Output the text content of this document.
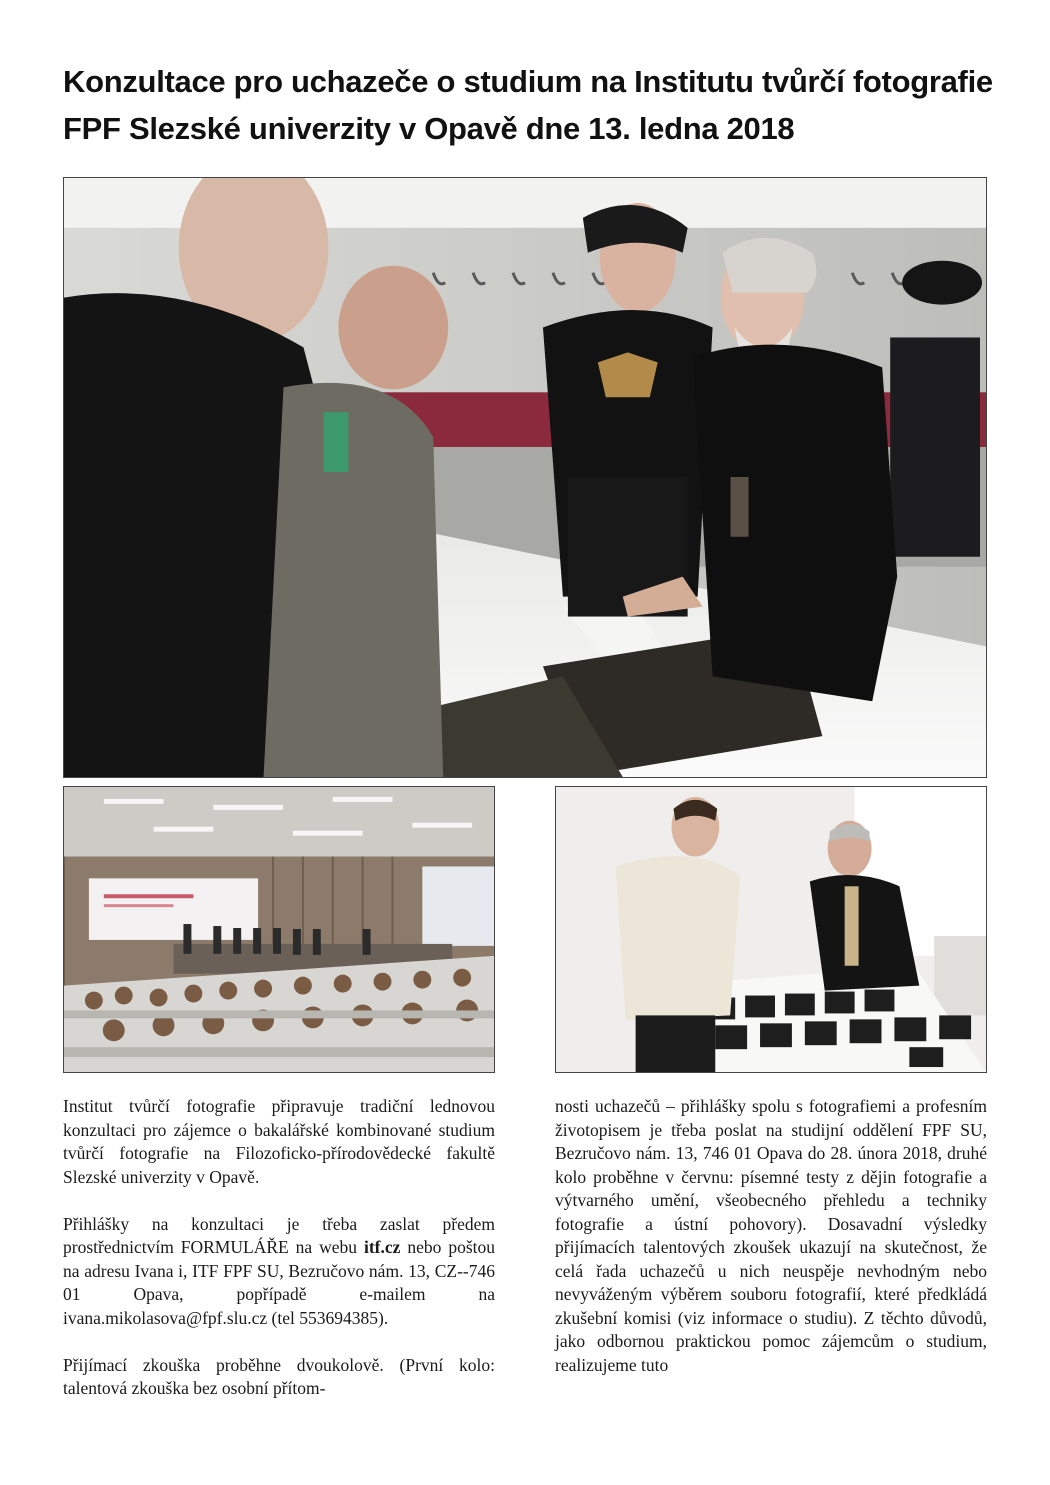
Konzultace pro uchazeče o studium na Institutu tvůrčí fotografie FPF Slezské univerzity v Opavě dne 13. ledna 2018

Institut tvůrčí fotografie připravuje tradiční lednovou konzultaci pro zájemce o bakalářské kombinované studium tvůrčí fotografie na Filozoficko-přírodovědecké fakultě Slezské univerzity v Opavě.

Přihlášky na konzultaci je třeba zaslat předem prostřednictvím FORMULÁŘE na webu itf.cz nebo poštou na adresu Ivana i, ITF FPF SU, Bezručovo nám. 13, CZ--746 01 Opava, popřípadě e-mailem na ivana.mikolasova@fpf.slu.cz (tel 553694385).

Přijímací zkouška proběhne dvoukolově. (První kolo: talentová zkouška bez osobní přítom-

nosti uchazečů – přihlášky spolu s fotografiemi a profesním životopisem je třeba poslat na studijní oddělení FPF SU, Bezručovo nám. 13, 746 01 Opava do 28. února 2018, druhé kolo proběhne v červnu: písemné testy z dějin fotografie a výtvarného umění, všeobecného přehledu a techniky fotografie a ústní pohovory). Dosavadní výsledky přijímacích talentových zkoušek ukazují na skutečnost, že celá řada uchazečů u nich neuspěje nevhodným nebo nevyváženým výběrem souboru fotografií, které předkládá zkušební komisi (viz informace o studiu). Z těchto důvodů, jako odbornou praktickou pomoc zájemcům o studium, realizujeme tuto
